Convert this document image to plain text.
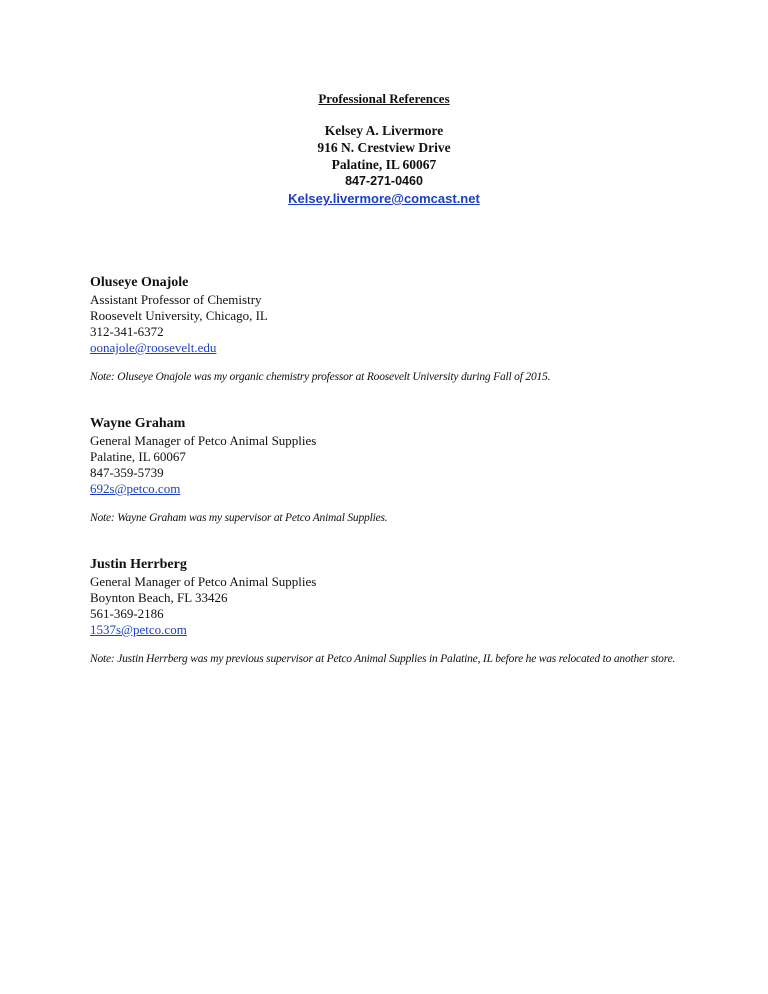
Professional References
Kelsey A. Livermore
916 N. Crestview Drive
Palatine, IL 60067
847-271-0460
Kelsey.livermore@comcast.net
Oluseye Onajole
Assistant Professor of Chemistry
Roosevelt University, Chicago, IL
312-341-6372
oonajole@roosevelt.edu
Note: Oluseye Onajole was my organic chemistry professor at Roosevelt University during Fall of 2015.
Wayne Graham
General Manager of Petco Animal Supplies
Palatine, IL 60067
847-359-5739
692s@petco.com
Note: Wayne Graham was my supervisor at Petco Animal Supplies.
Justin Herrberg
General Manager of Petco Animal Supplies
Boynton Beach, FL 33426
561-369-2186
1537s@petco.com
Note: Justin Herrberg was my previous supervisor at Petco Animal Supplies in Palatine, IL before he was relocated to another store.
